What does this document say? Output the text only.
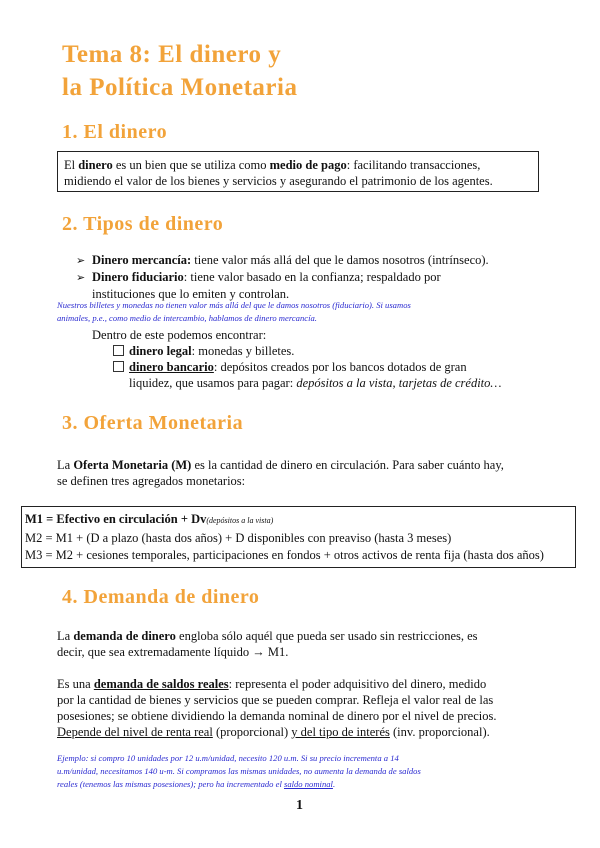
Tema 8: El dinero y
la Política Monetaria
1. El dinero
El dinero es un bien que se utiliza como medio de pago: facilitando transacciones,
midiendo el valor de los bienes y servicios y asegurando el patrimonio de los agentes.
2. Tipos de dinero
➢ Dinero mercancía: tiene valor más allá del que le damos nosotros (intrínseco).
➢ Dinero fiduciario: tiene valor basado en la confianza; respaldado por
instituciones que lo emiten y controlan.
Nuestros billetes y monedas no tienen valor más allá del que le damos nosotros (fiduciario). Si usamos
animales, p.e., como medio de intercambio, hablamos de dinero mercancía.
Dentro de este podemos encontrar:
dinero legal: monedas y billetes.
dinero bancario: depósitos creados por los bancos dotados de gran
liquidez, que usamos para pagar: depósitos a la vista, tarjetas de crédito…
3. Oferta Monetaria
La Oferta Monetaria (M) es la cantidad de dinero en circulación. Para saber cuánto hay,
se definen tres agregados monetarios:
M1 = Efectivo en circulación + Dv(depósitos a la vista)
M2 = M1 + (D a plazo (hasta dos años) + D disponibles con preaviso (hasta 3 meses)
M3 = M2 + cesiones temporales, participaciones en fondos + otros activos de renta fija (hasta dos años)
4. Demanda de dinero
La demanda de dinero engloba sólo aquél que pueda ser usado sin restricciones, es
decir, que sea extremadamente líquido → M1.
Es una demanda de saldos reales: representa el poder adquisitivo del dinero, medido
por la cantidad de bienes y servicios que se pueden comprar. Refleja el valor real de las
posesiones; se obtiene dividiendo la demanda nominal de dinero por el nivel de precios.
Depende del nivel de renta real (proporcional) y del tipo de interés (inv. proporcional).
Ejemplo: si compro 10 unidades por 12 u.m/unidad, necesito 120 u.m. Si su precio incrementa a 14
u.m/unidad, necesitamos 140 u-m. Si compramos las mismas unidades, no aumenta la demanda de saldos
reales (tenemos las mismas posesiones); pero ha incrementado el saldo nominal.
1
